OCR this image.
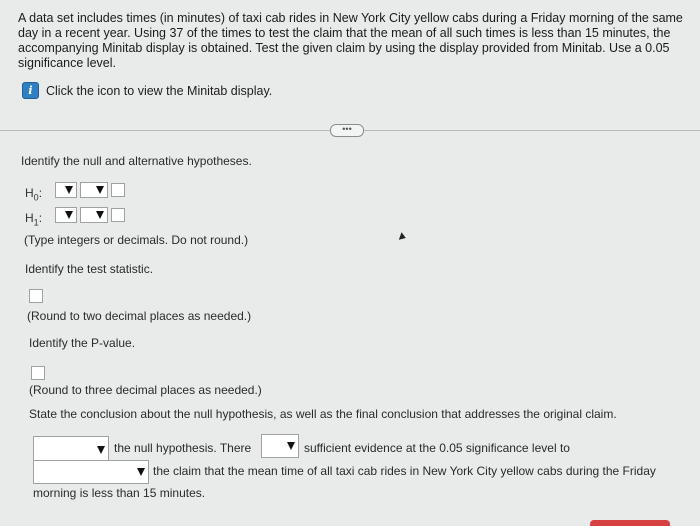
A data set includes times (in minutes) of taxi cab rides in New York City yellow cabs during a Friday morning of the same
day in a recent year. Using 37 of the times to test the claim that the mean of all such times is less than 15 minutes, the
accompanying Minitab display is obtained. Test the given claim by using the display provided from Minitab. Use a 0.05
significance level.
i	Click the icon to view the Minitab display.
•••
Identify the null and alternative hypotheses.
$H_0$:
$H_1$:
(Type integers or decimals. Do not round.)
Identify the test statistic.
(Round to two decimal places as needed.)
Identify the P-value.
(Round to three decimal places as needed.)
State the conclusion about the null hypothesis, as well as the final conclusion that addresses the original claim.
the null hypothesis. There	sufficient evidence at the 0.05 significance level to
the claim that the mean time of all taxi cab rides in New York City yellow cabs during the Friday
morning is less than 15 minutes.
